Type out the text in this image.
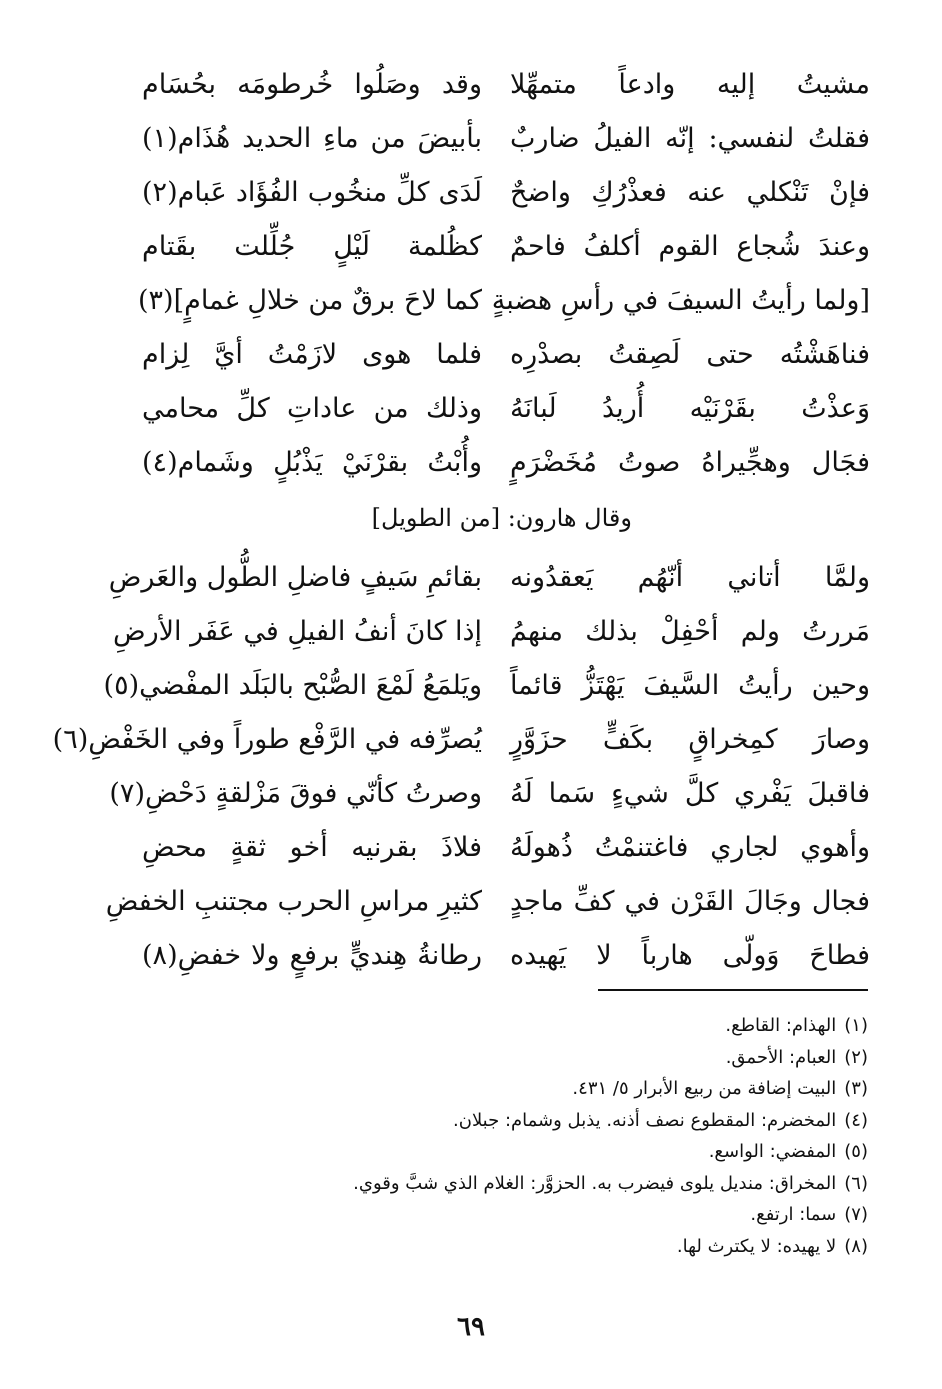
مشيتُ إليه وادعاً متمهِّلا
وقد وصَلُوا خُرطومَه بحُسَام
فقلتُ لنفسي: إنّه الفيلُ ضاربٌ
بأبيضَ من ماءِ الحديد هُذَام(١)
فإنْ تَنْكلي عنه فعذْرُكِ واضحٌ
لَدَى كلِّ منخُوب الفُؤَاد عَبام(٢)
وعندَ شُجاع القوم أكلفُ فاحمٌ
كظُلمة لَيْلٍ جُلِّلت بقَتام
[ولما رأيتُ السيفَ في رأسِ هضبةٍ
كما لاحَ برقٌ من خلالِ غمامٍ](٣)
فناهَشْتُه حتى لَصِقتُ بصدْرِه
فلما هوى لازَمْتُ أيَّ لِزام
وَعذْتُ بقَرْنَيْه أُريدُ لَبانَهُ
وذلك من عاداتِ كلِّ محامي
فجَال وهجِّيراهُ صوتُ مُخَضْرَمٍ
وأُبْتُ بقرْنَيْ يَذْبُلٍ وشَمام(٤)
وقال هارون: [من الطويل]
ولمَّا أتاني أنّهُم يَعقدُونه
بقائمِ سَيفٍ فاضلِ الطُّول والعَرضِ
مَررتُ ولم أحْفِلْ بذلك منهمُ
إذا كانَ أنفُ الفيلِ في عَفَر الأرضِ
وحين رأيتُ السَّيفَ يَهْتَزُّ قائماً
ويَلمَعُ لَمْعَ الصُّبْح بالبَلَد المفْضي(٥)
وصارَ كمِخراقٍ بكَفٍّ حزَوَّرٍ
يُصرِّفه في الرَّفْع طوراً وفي الخَفْضِ(٦)
فاقبلَ يَفْري كلَّ شيءٍ سَما لَهُ
وصرتُ كأنّي فوقَ مَزْلقةٍ دَحْضِ(٧)
وأهوي لجاري فاغتنمْتُ ذُهولَهُ
فلاذَ بقرنيه أخو ثقةٍ محضِ
فجال وجَالَ القَرْن في كفِّ ماجدٍ
كثيرِ مراسِ الحرب مجتنبِ الخفضِ
فطاحَ وَولّى هارباً لا يَهيده
رطانةُ هِنديٍّ برفعٍ ولا خفضِ(٨)
(١)الهذام: القاطع.
(٢)العبام: الأحمق.
(٣)البيت إضافة من ربيع الأبرار ٥/ ٤٣١.
(٤)المخضرم: المقطوع نصف أذنه. يذبل وشمام: جبلان.
(٥)المفضي: الواسع.
(٦)المخراق: منديل يلوى فيضرب به. الحزوَّر: الغلام الذي شبَّ وقوي.
(٧)سما: ارتفع.
(٨)لا يهيده: لا يكترث لها.
٦٩
